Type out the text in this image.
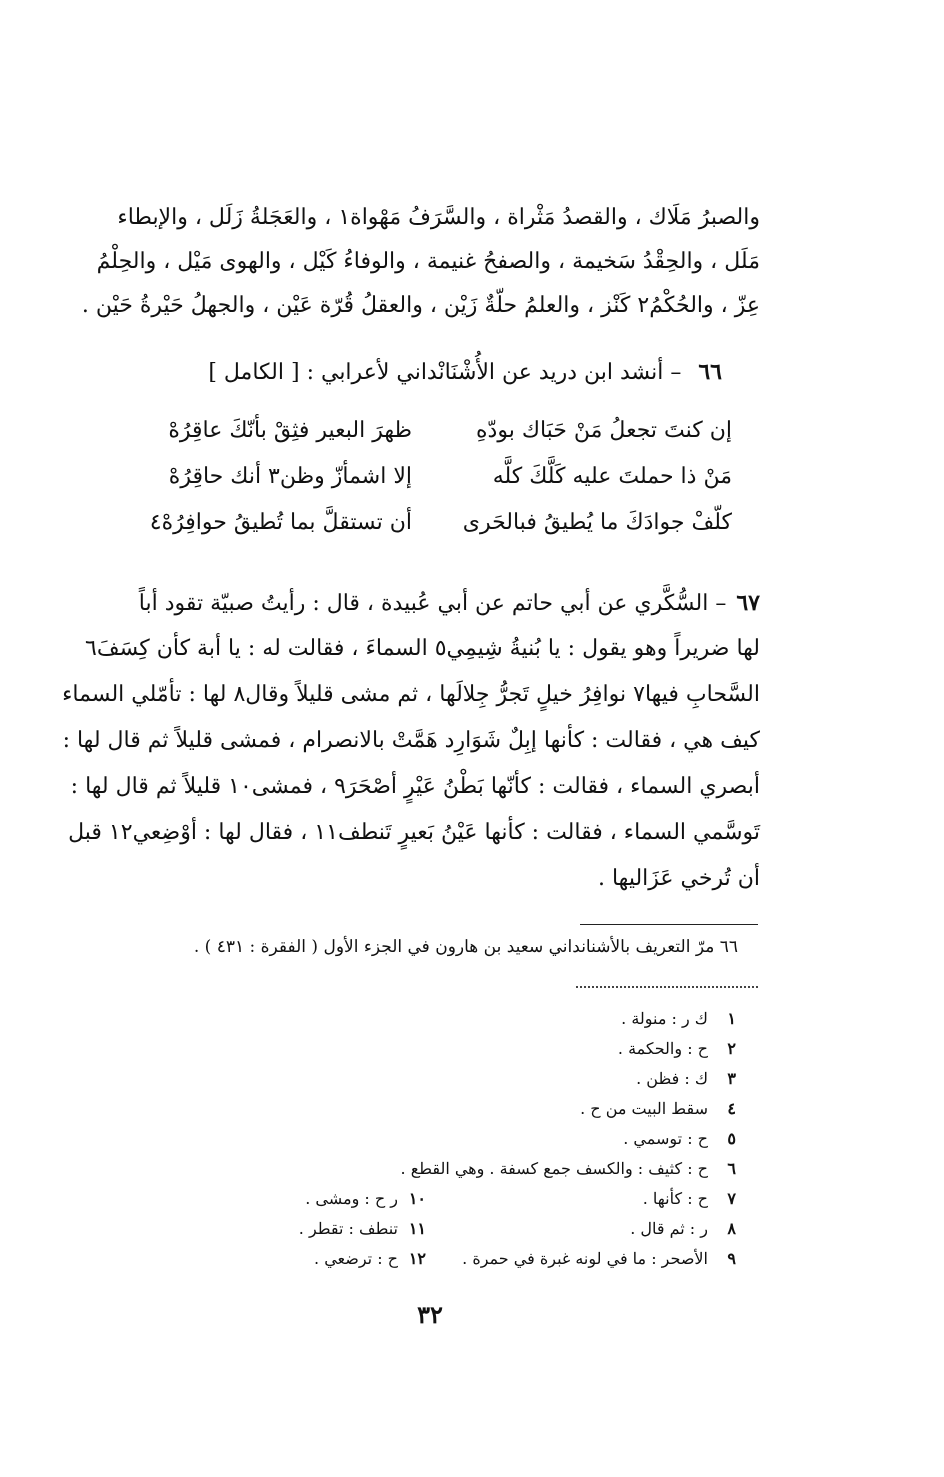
والصبرُ مَلَاك ، والقصدُ مَثْراة ، والسَّرَفُ مَهْواة١ ، والعَجَلةُ زَلَل ، والإبطاء
مَلَل ، والحِقْدُ سَخيمة ، والصفحُ غنيمة ، والوفاءُ كَيْل ، والهوى مَيْل ، والحِلْمُ
عِزّ ، والحُكْمُ٢ كَنْز ، والعلمُ حلّةٌ زَيْن ، والعقلُ قُرّة عَيْن ، والجهلُ حَيْرةُ حَيْن .
٦٦ – أنشد ابن دريد عن الأُشْنَانْداني لأعرابي : [ الكامل ]
إن كنتَ تجعلُ مَنْ حَبَاك بودّهِ
ظهرَ البعير فثِقْ بأنّكَ عاقِرُهْ
مَنْ ذا حملتَ عليه كَلَّكَ كلَّه
إلا اشمأزّ وظن٣ أنك حاقِرُهْ
كلّفْ جوادَكَ ما يُطيقُ فبالحَرى
أن تستقلَّ بما تُطيقُ حوافِرُهْ٤
٦٧– السُّكَّري عن أبي حاتم عن أبي عُبيدة ، قال : رأيتُ صبيّة تقود أباً
لها ضريراً وهو يقول : يا بُنيةُ شِيمِي٥ السماءَ ، فقالت له : يا أبة كأن كِسَفَ٦
السَّحابِ فيها٧ نوافِرُ خيلٍ تَجرُّ جِلالَها ، ثم مشى قليلاً وقال٨ لها : تأمّلي السماء
كيف هي ، فقالت : كأنها إبِلٌ شَوَارِد هَمَّتْ بالانصرام ، فمشى قليلاً ثم قال لها :
أبصري السماء ، فقالت : كأنّها بَطْنُ عَيْرٍ أصْحَرَ٩ ، فمشى١٠ قليلاً ثم قال لها :
تَوسَّمي السماء ، فقالت : كأنها عَيْنُ بَعيرٍ تَنطف١١ ، فقال لها : أوْضِعي١٢ قبل
أن تُرخي عَزَاليها .
٦٦ مرّ التعريف بالأشنانداني سعيد بن هارون في الجزء الأول ( الفقرة : ٤٣١ ) .
١ك ر : منولة .
٢ح : والحكمة .
٣ك : فظن .
٤سقط البيت من ح .
٥ح : توسمي .
٦ح : كثيف : والكسف جمع كسفة . وهي القطع .
٧ح : كأنها .
٨ر : ثم قال .
٩الأصحر : ما في لونه غبرة في حمرة .
١٠ر ح : ومشى .
١١تنطف : تقطر .
١٢ح : ترضعي .
٣٢
